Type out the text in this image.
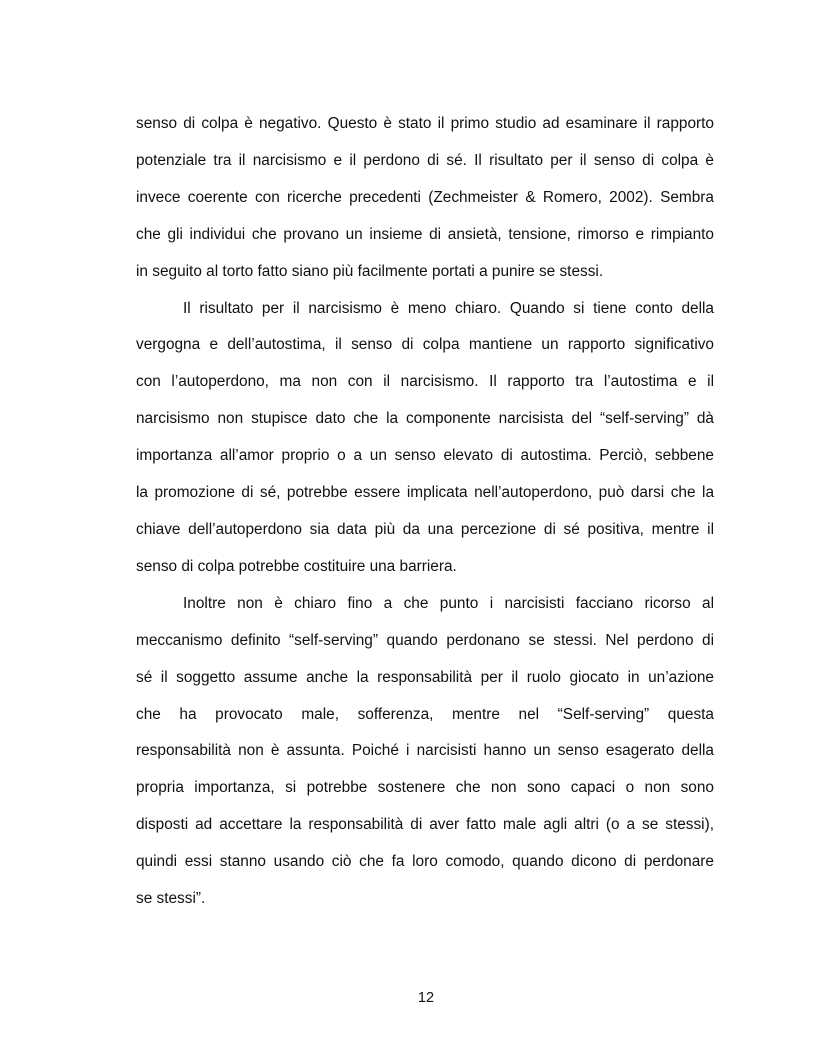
senso di colpa è negativo. Questo è stato il primo studio ad esaminare il rapporto
potenziale tra il narcisismo e il perdono di sé. Il risultato per il senso di colpa è
invece coerente con ricerche precedenti (Zechmeister & Romero, 2002). Sembra
che gli individui che provano un insieme di ansietà, tensione, rimorso e rimpianto
in seguito al torto fatto siano più facilmente portati a punire se stessi.

Il risultato per il narcisismo è meno chiaro. Quando si tiene conto della
vergogna e dell’autostima, il senso di colpa mantiene un rapporto significativo
con l’autoperdono, ma non con il narcisismo. Il rapporto tra l’autostima e il
narcisismo non stupisce dato che la componente narcisista del “self-serving” dà
importanza all’amor proprio o a un senso elevato di autostima. Perciò, sebbene
la promozione di sé, potrebbe essere implicata nell’autoperdono, può darsi che la
chiave dell’autoperdono sia data più da una percezione di sé positiva, mentre il
senso di colpa potrebbe costituire una barriera.

Inoltre non è chiaro fino a che punto i narcisisti facciano ricorso al
meccanismo definito “self-serving” quando perdonano se stessi. Nel perdono di
sé il soggetto assume anche la responsabilità per il ruolo giocato in un’azione
che ha provocato male, sofferenza, mentre nel “Self-serving” questa
responsabilità non è assunta. Poiché i narcisisti hanno un senso esagerato della
propria importanza, si potrebbe sostenere che non sono capaci o non sono
disposti ad accettare la responsabilità di aver fatto male agli altri (o a se stessi),
quindi essi stanno usando ciò che fa loro comodo, quando dicono di perdonare
se stessi”.

12
